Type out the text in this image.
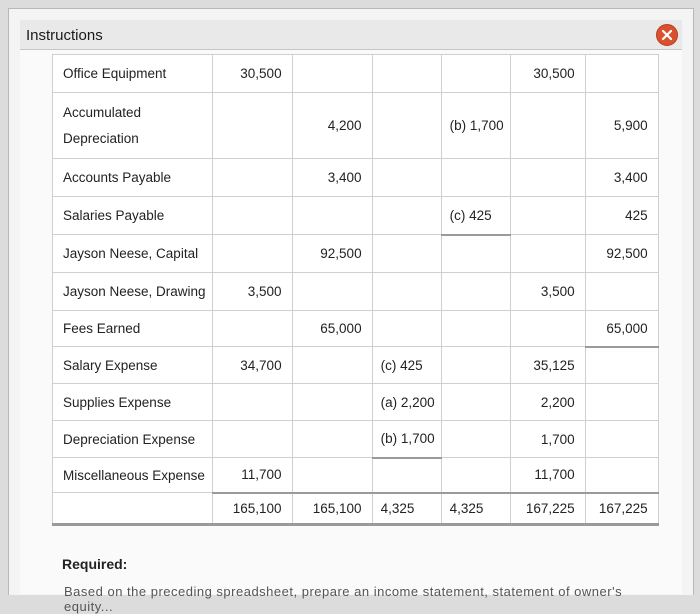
Instructions
Office Equipment	30,500				30,500	
Accumulated Depreciation		4,200		(b) 1,700		5,900
Accounts Payable		3,400				3,400
Salaries Payable				(c) 425		425
Jayson Neese, Capital		92,500				92,500
Jayson Neese, Drawing	3,500				3,500	
Fees Earned		65,000				65,000
Salary Expense	34,700		(c) 425		35,125	
Supplies Expense			(a) 2,200		2,200	
Depreciation Expense			(b) 1,700		1,700	
Miscellaneous Expense	11,700				11,700	
	165,100	165,100	4,325	4,325	167,225	167,225
Required:
Based on the preceding spreadsheet, prepare an income statement, statement of owner's equity...
